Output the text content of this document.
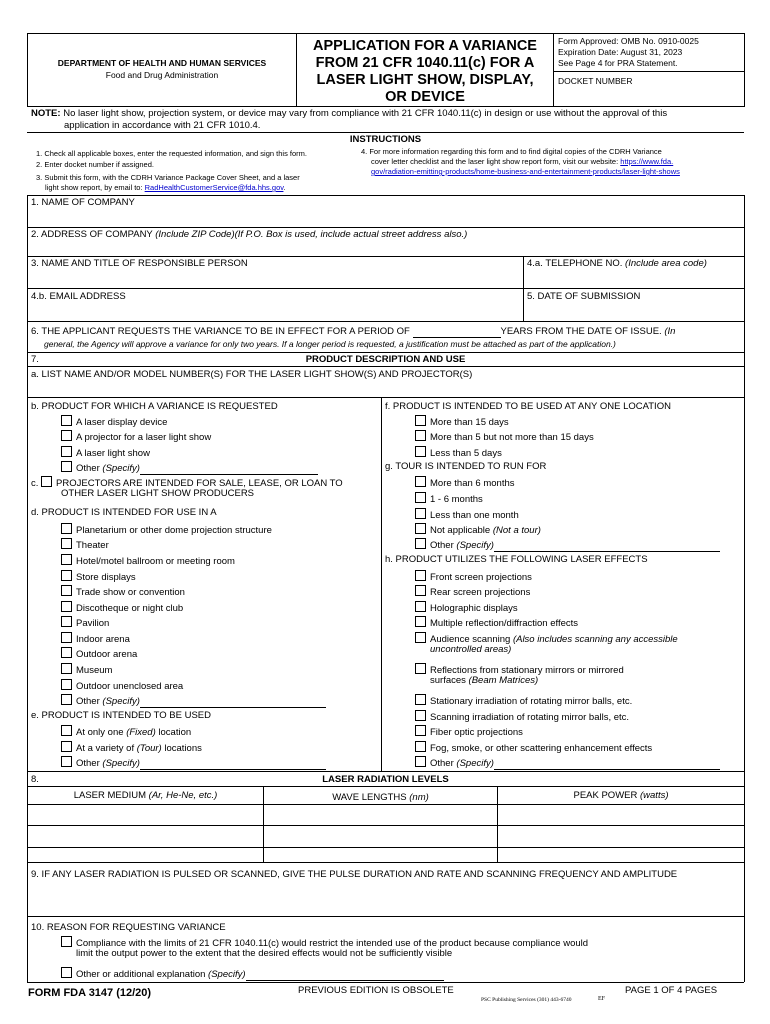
DEPARTMENT OF HEALTH AND HUMAN SERVICES
Food and Drug Administration
APPLICATION FOR A VARIANCE
FROM 21 CFR 1040.11(c) FOR A
LASER LIGHT SHOW, DISPLAY,
OR DEVICE
Form Approved: OMB No. 0910-0025
Expiration Date: August 31, 2023
See Page 4 for PRA Statement.
DOCKET NUMBER
NOTE: No laser light show, projection system, or device may vary from compliance with 21 CFR 1040.11(c) in design or use without the approval of this
application in accordance with 21 CFR 1010.4.
INSTRUCTIONS
1. Check all applicable boxes, enter the requested information, and sign this form.
2. Enter docket number if assigned.
3. Submit this form, with the CDRH Variance Package Cover Sheet, and a laser
light show report, by email to: RadHealthCustomerService@fda.hhs.gov.
4. For more information regarding this form and to find digital copies of the CDRH Variance
cover letter checklist and the laser light show report form, visit our website: https://www.fda.
gov/radiation-emitting-products/home-business-and-entertainment-products/laser-light-shows
1. NAME OF COMPANY
2. ADDRESS OF COMPANY (Include ZIP Code)(If P.O. Box is used, include actual street address also.)
3. NAME AND TITLE OF RESPONSIBLE PERSON	4.a. TELEPHONE NO. (Include area code)
4.b. EMAIL ADDRESS	5. DATE OF SUBMISSION
6. THE APPLICANT REQUESTS THE VARIANCE TO BE IN EFFECT FOR A PERIOD OF	YEARS FROM THE DATE OF ISSUE. (In
general, the Agency will approve a variance for only two years. If a longer period is requested, a justification must be attached as part of the application.)
7.	PRODUCT DESCRIPTION AND USE
a. LIST NAME AND/OR MODEL NUMBER(S) FOR THE LASER LIGHT SHOW(S) AND PROJECTOR(S)
b. PRODUCT FOR WHICH A VARIANCE IS REQUESTED
A laser display device
A projector for a laser light show
A laser light show
Other (Specify)
c. PROJECTORS ARE INTENDED FOR SALE, LEASE, OR LOAN TO
OTHER LASER LIGHT SHOW PRODUCERS
d. PRODUCT IS INTENDED FOR USE IN A
Planetarium or other dome projection structure
Theater
Hotel/motel ballroom or meeting room
Store displays
Trade show or convention
Discotheque or night club
Pavilion
Indoor arena
Outdoor arena
Museum
Outdoor unenclosed area
Other (Specify)
e. PRODUCT IS INTENDED TO BE USED
At only one (Fixed) location
At a variety of (Tour) locations
Other (Specify)
f. PRODUCT IS INTENDED TO BE USED AT ANY ONE LOCATION
More than 15 days
More than 5 but not more than 15 days
Less than 5 days
g. TOUR IS INTENDED TO RUN FOR
More than 6 months
1 - 6 months
Less than one month
Not applicable (Not a tour)
Other (Specify)
h. PRODUCT UTILIZES THE FOLLOWING LASER EFFECTS
Front screen projections
Rear screen projections
Holographic displays
Multiple reflection/diffraction effects
Audience scanning (Also includes scanning any accessible
uncontrolled areas)
Reflections from stationary mirrors or mirrored
surfaces (Beam Matrices)
Stationary irradiation of rotating mirror balls, etc.
Scanning irradiation of rotating mirror balls, etc.
Fiber optic projections
Fog, smoke, or other scattering enhancement effects
Other (Specify)
8.	LASER RADIATION LEVELS
LASER MEDIUM (Ar, He-Ne, etc.)	WAVE LENGTHS (nm)	PEAK POWER (watts)
9. IF ANY LASER RADIATION IS PULSED OR SCANNED, GIVE THE PULSE DURATION AND RATE AND SCANNING FREQUENCY AND AMPLITUDE
10. REASON FOR REQUESTING VARIANCE
Compliance with the limits of 21 CFR 1040.11(c) would restrict the intended use of the product because compliance would
limit the output power to the extent that the desired effects would not be sufficiently visible
Other or additional explanation (Specify)
FORM FDA 3147 (12/20)	PREVIOUS EDITION IS OBSOLETE	PAGE 1 OF 4 PAGES
PSC Publishing Services (301) 443-6740	EF
